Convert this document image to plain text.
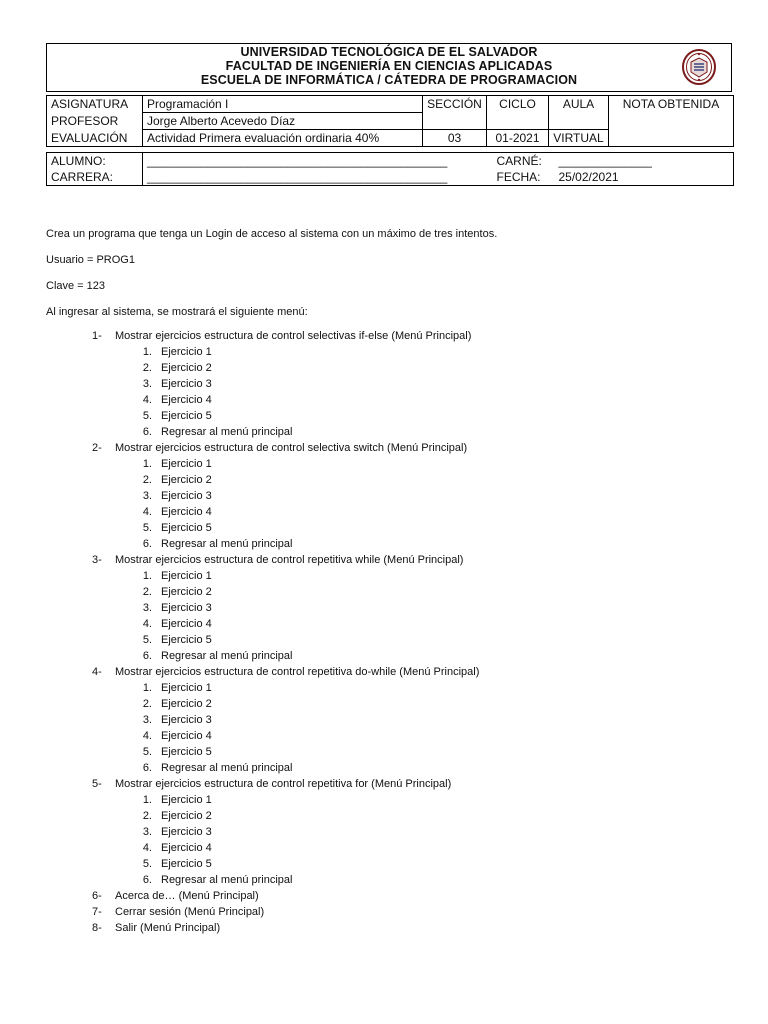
UNIVERSIDAD TECNOLÓGICA DE EL SALVADOR
FACULTAD DE INGENIERÍA EN CIENCIAS APLICADAS
ESCUELA DE INFORMÁTICA / CÁTEDRA DE PROGRAMACION
ASIGNATURA	Programación I	SECCIÓN	CICLO	AULA	NOTA OBTENIDA
PROFESOR	Jorge Alberto Acevedo Díaz				
EVALUACIÓN	Actividad Primera evaluación ordinaria 40%	03	01-2021	VIRTUAL	
ALUMNO:	_____________________________________________	CARNÉ:	______________
CARRERA:	_____________________________________________	FECHA:	25/02/2021
Crea un programa que tenga un Login de acceso al sistema con un máximo de tres intentos.
Usuario = PROG1
Clave = 123
Al ingresar al sistema, se mostrará el siguiente menú:
1- Mostrar ejercicios estructura de control selectivas if-else (Menú Principal)
1. Ejercicio 1
2. Ejercicio 2
3. Ejercicio 3
4. Ejercicio 4
5. Ejercicio 5
6. Regresar al menú principal
2- Mostrar ejercicios estructura de control selectiva switch (Menú Principal)
1. Ejercicio 1
2. Ejercicio 2
3. Ejercicio 3
4. Ejercicio 4
5. Ejercicio 5
6. Regresar al menú principal
3- Mostrar ejercicios estructura de control repetitiva while (Menú Principal)
1. Ejercicio 1
2. Ejercicio 2
3. Ejercicio 3
4. Ejercicio 4
5. Ejercicio 5
6. Regresar al menú principal
4- Mostrar ejercicios estructura de control repetitiva do-while (Menú Principal)
1. Ejercicio 1
2. Ejercicio 2
3. Ejercicio 3
4. Ejercicio 4
5. Ejercicio 5
6. Regresar al menú principal
5- Mostrar ejercicios estructura de control repetitiva for (Menú Principal)
1. Ejercicio 1
2. Ejercicio 2
3. Ejercicio 3
4. Ejercicio 4
5. Ejercicio 5
6. Regresar al menú principal
6- Acerca de… (Menú Principal)
7- Cerrar sesión (Menú Principal)
8- Salir (Menú Principal)
